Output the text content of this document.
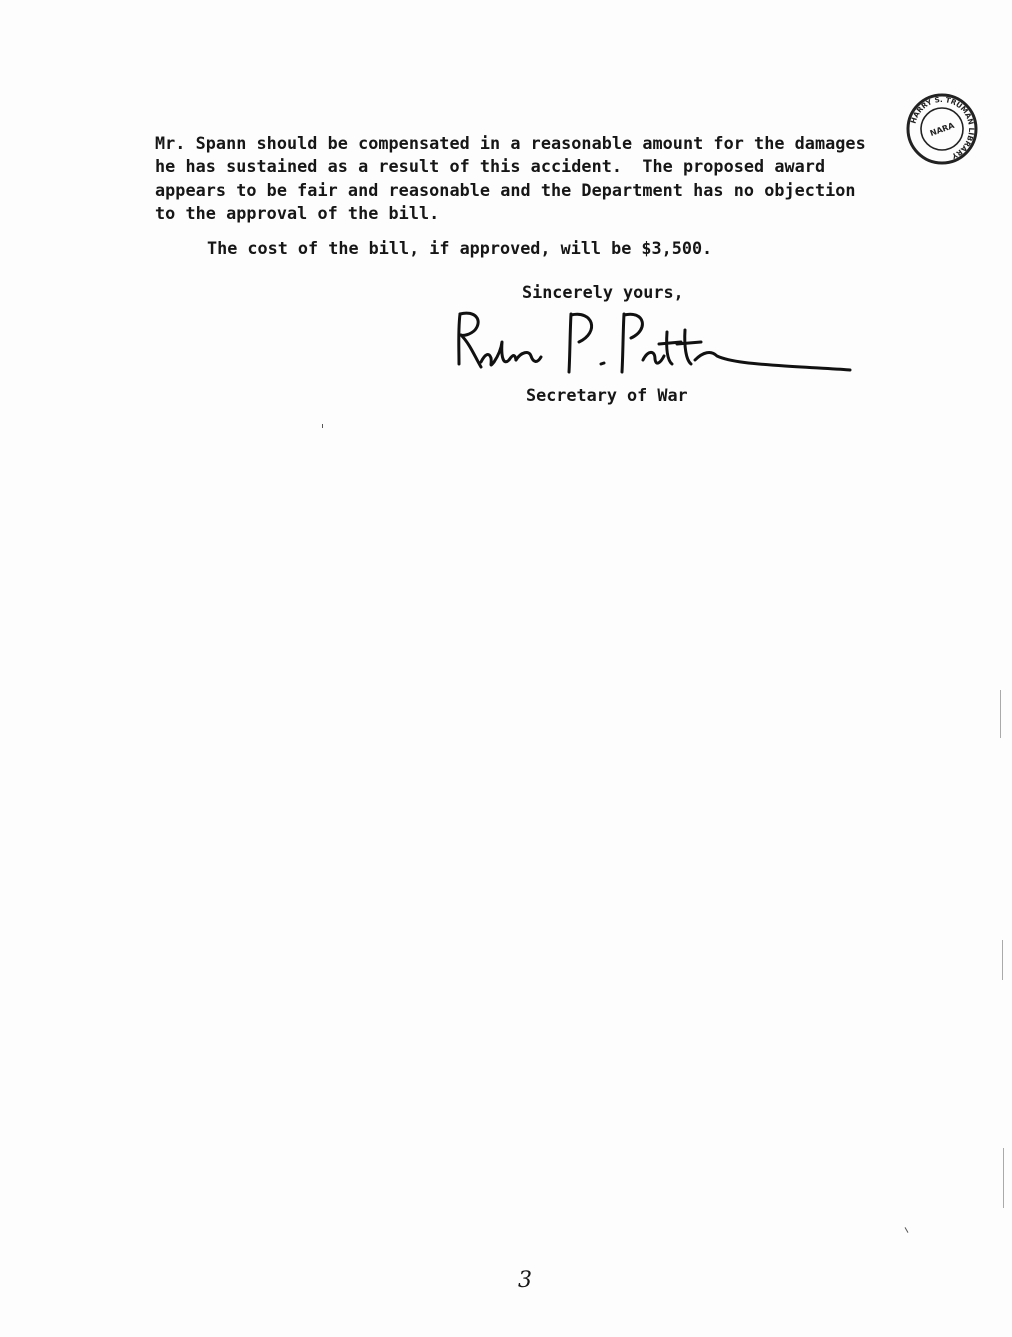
HARRY S. TRUMAN LIBRARY
NARA
Mr. Spann should be compensated in a reasonable amount for the damages
he has sustained as a result of this accident.  The proposed award
appears to be fair and reasonable and the Department has no objection
to the approval of the bill.
The cost of the bill, if approved, will be $3,500.
Sincerely yours,
Secretary of War
3
